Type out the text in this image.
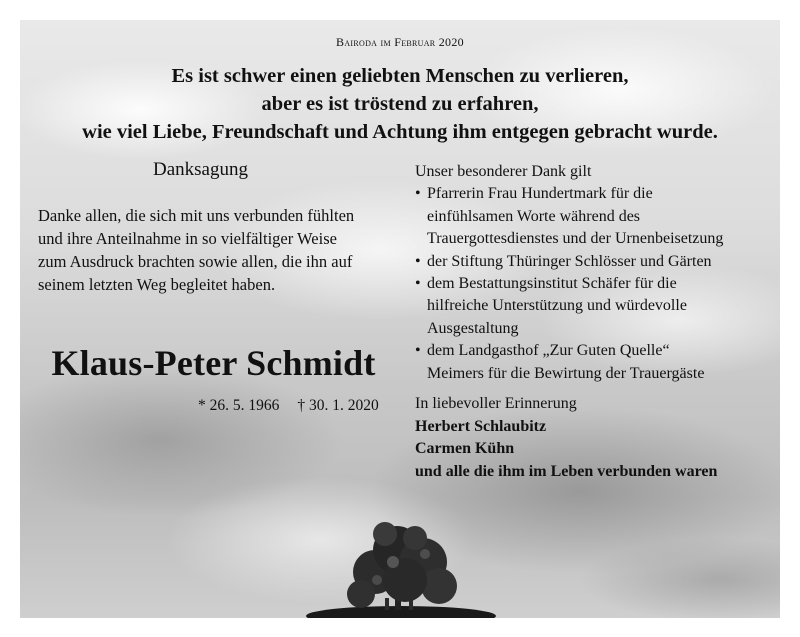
Bairoda im Februar 2020
Es ist schwer einen geliebten Menschen zu verlieren,
aber es ist tröstend zu erfahren,
wie viel Liebe, Freundschaft und Achtung ihm entgegen gebracht wurde.
Danksagung
Danke allen, die sich mit uns verbunden fühlten
und ihre Anteilnahme in so vielfältiger Weise
zum Ausdruck brachten sowie allen, die ihn auf
seinem letzten Weg begleitet haben.
Klaus-Peter Schmidt
* 26. 5. 1966 † 30. 1. 2020
Unser besonderer Dank gilt
• Pfarrerin Frau Hundertmark für die
einfühlsamen Worte während des
Trauergottesdienstes und der Urnenbeisetzung
• der Stiftung Thüringer Schlösser und Gärten
• dem Bestattungsinstitut Schäfer für die
hilfreiche Unterstützung und würdevolle
Ausgestaltung
• dem Landgasthof „Zur Guten Quelle“
Meimers für die Bewirtung der Trauergäste
In liebevoller Erinnerung
Herbert Schlaubitz
Carmen Kühn
und alle die ihm im Leben verbunden waren
